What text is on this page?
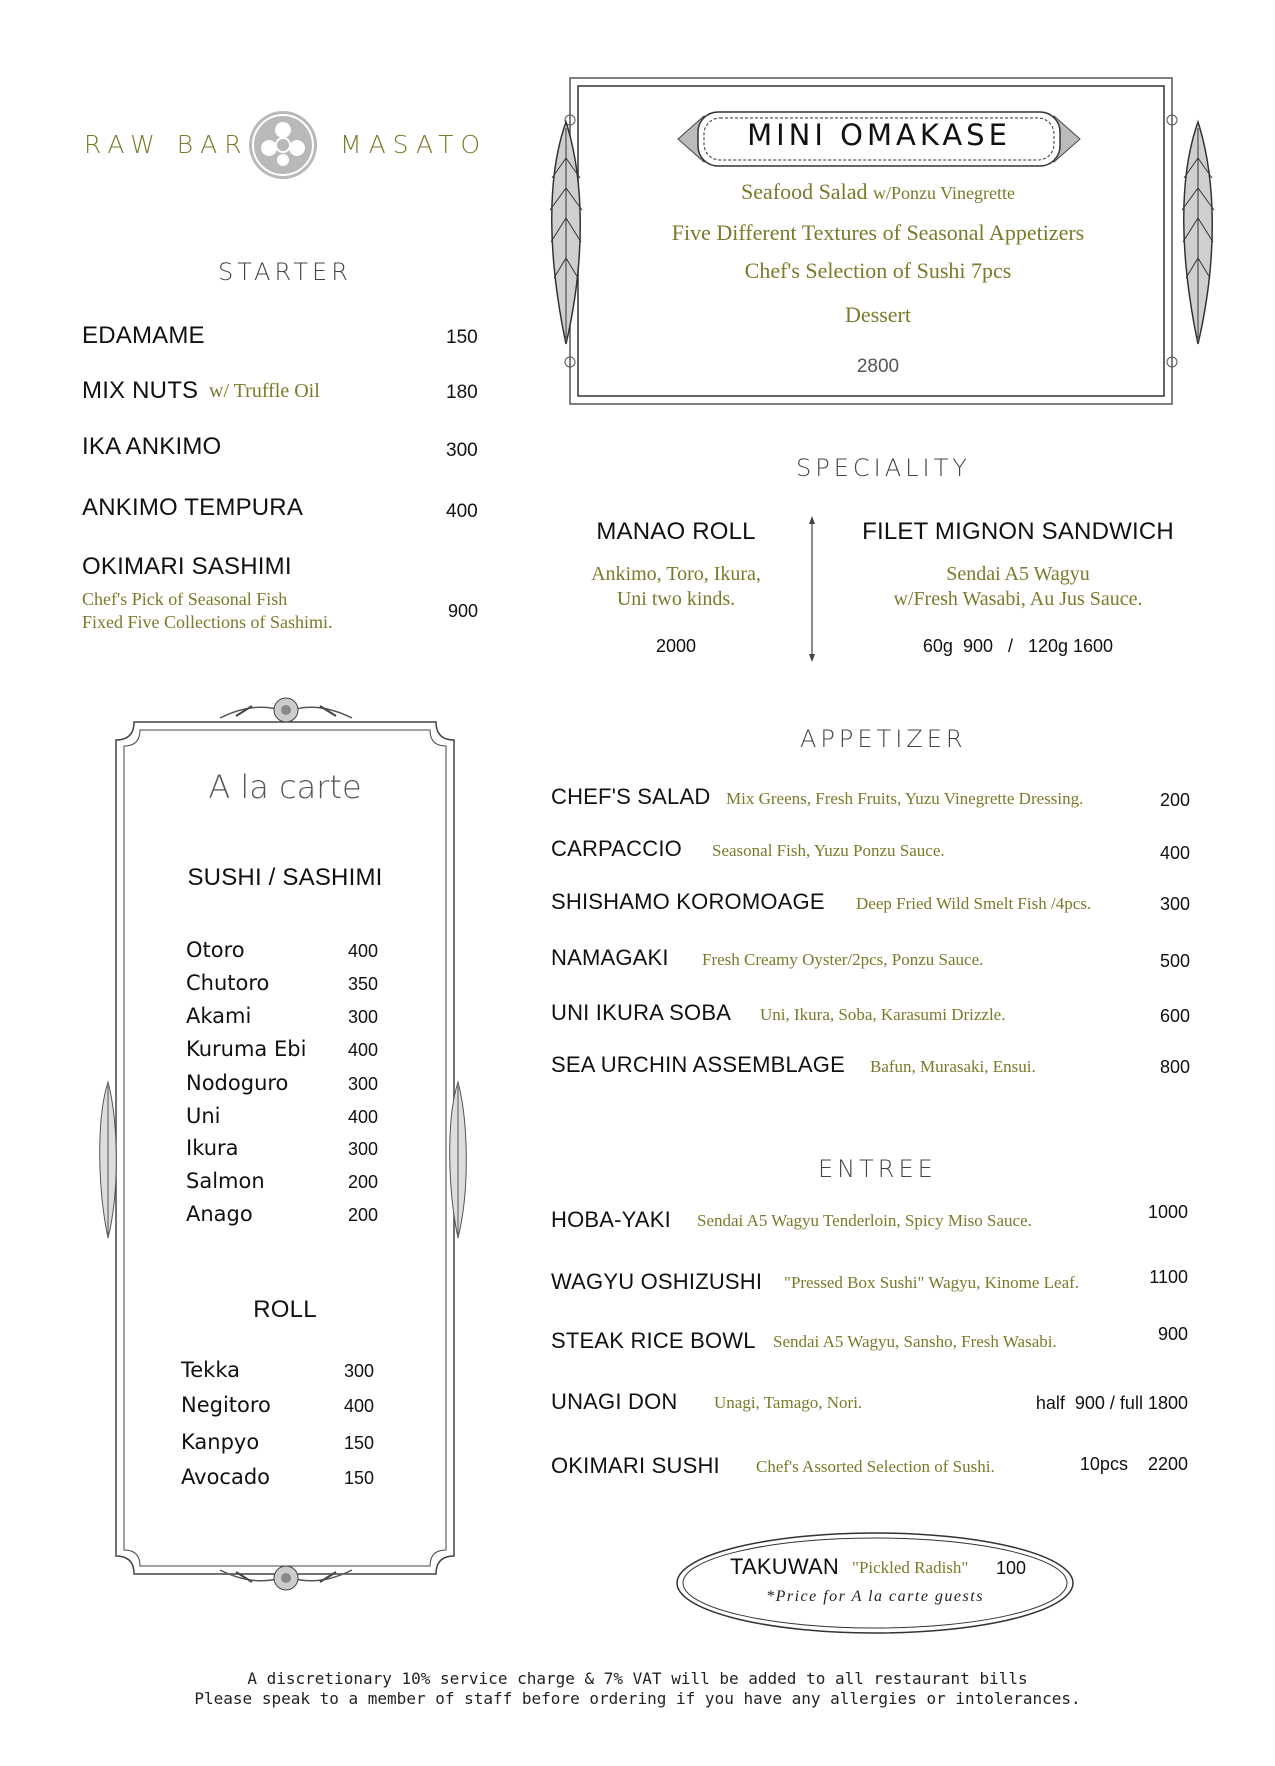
RAW BAR	MASATO
STARTER
EDAMAME	150
MIX NUTS w/ Truffle Oil	180
IKA ANKIMO	300
ANKIMO TEMPURA	400
OKIMARI SASHIMI
Chef's Pick of Seasonal Fish
Fixed Five Collections of Sashimi.
900
MINI OMAKASE
Seafood Salad w/Ponzu Vinegrette
Five Different Textures of Seasonal Appetizers
Chef's Selection of Sushi 7pcs
Dessert
2800
SPECIALITY
MANAO ROLL
Ankimo, Toro, Ikura,
Uni two kinds.
2000
FILET MIGNON SANDWICH
Sendai A5 Wagyu
w/Fresh Wasabi, Au Jus Sauce.
60g  900   /   120g 1600
A la carte
SUSHI / SASHIMI
Otoro	400
Chutoro	350
Akami	300
Kuruma Ebi 400
Nodoguro	300
Uni	400
Ikura	300
Salmon	200
Anago	200
ROLL
Tekka	300
Negitoro	400
Kanpyo	150
Avocado	150
APPETIZER
CHEF'S SALAD Mix Greens, Fresh Fruits, Yuzu Vinegrette Dressing.	200
CARPACCIO Seasonal Fish, Yuzu Ponzu Sauce.	400
SHISHAMO KOROMOAGE Deep Fried Wild Smelt Fish /4pcs.	300
NAMAGAKI Fresh Creamy Oyster/2pcs, Ponzu Sauce.	500
UNI IKURA SOBA Uni, Ikura, Soba, Karasumi Drizzle.	600
SEA URCHIN ASSEMBLAGE Bafun, Murasaki, Ensui.	800
ENTREE
HOBA-YAKI Sendai A5 Wagyu Tenderloin, Spicy Miso Sauce.	1000
WAGYU OSHIZUSHI "Pressed Box Sushi" Wagyu, Kinome Leaf.	1100
STEAK RICE BOWL Sendai A5 Wagyu, Sansho, Fresh Wasabi.	900
UNAGI DON Unagi, Tamago, Nori.	half  900 / full 1800
OKIMARI SUSHI Chef's Assorted Selection of Sushi.	10pcs    2200
TAKUWAN "Pickled Radish" 100
*Price for A la carte guests
A discretionary 10% service charge & 7% VAT will be added to all restaurant bills
Please speak to a member of staff before ordering if you have any allergies or intolerances.
